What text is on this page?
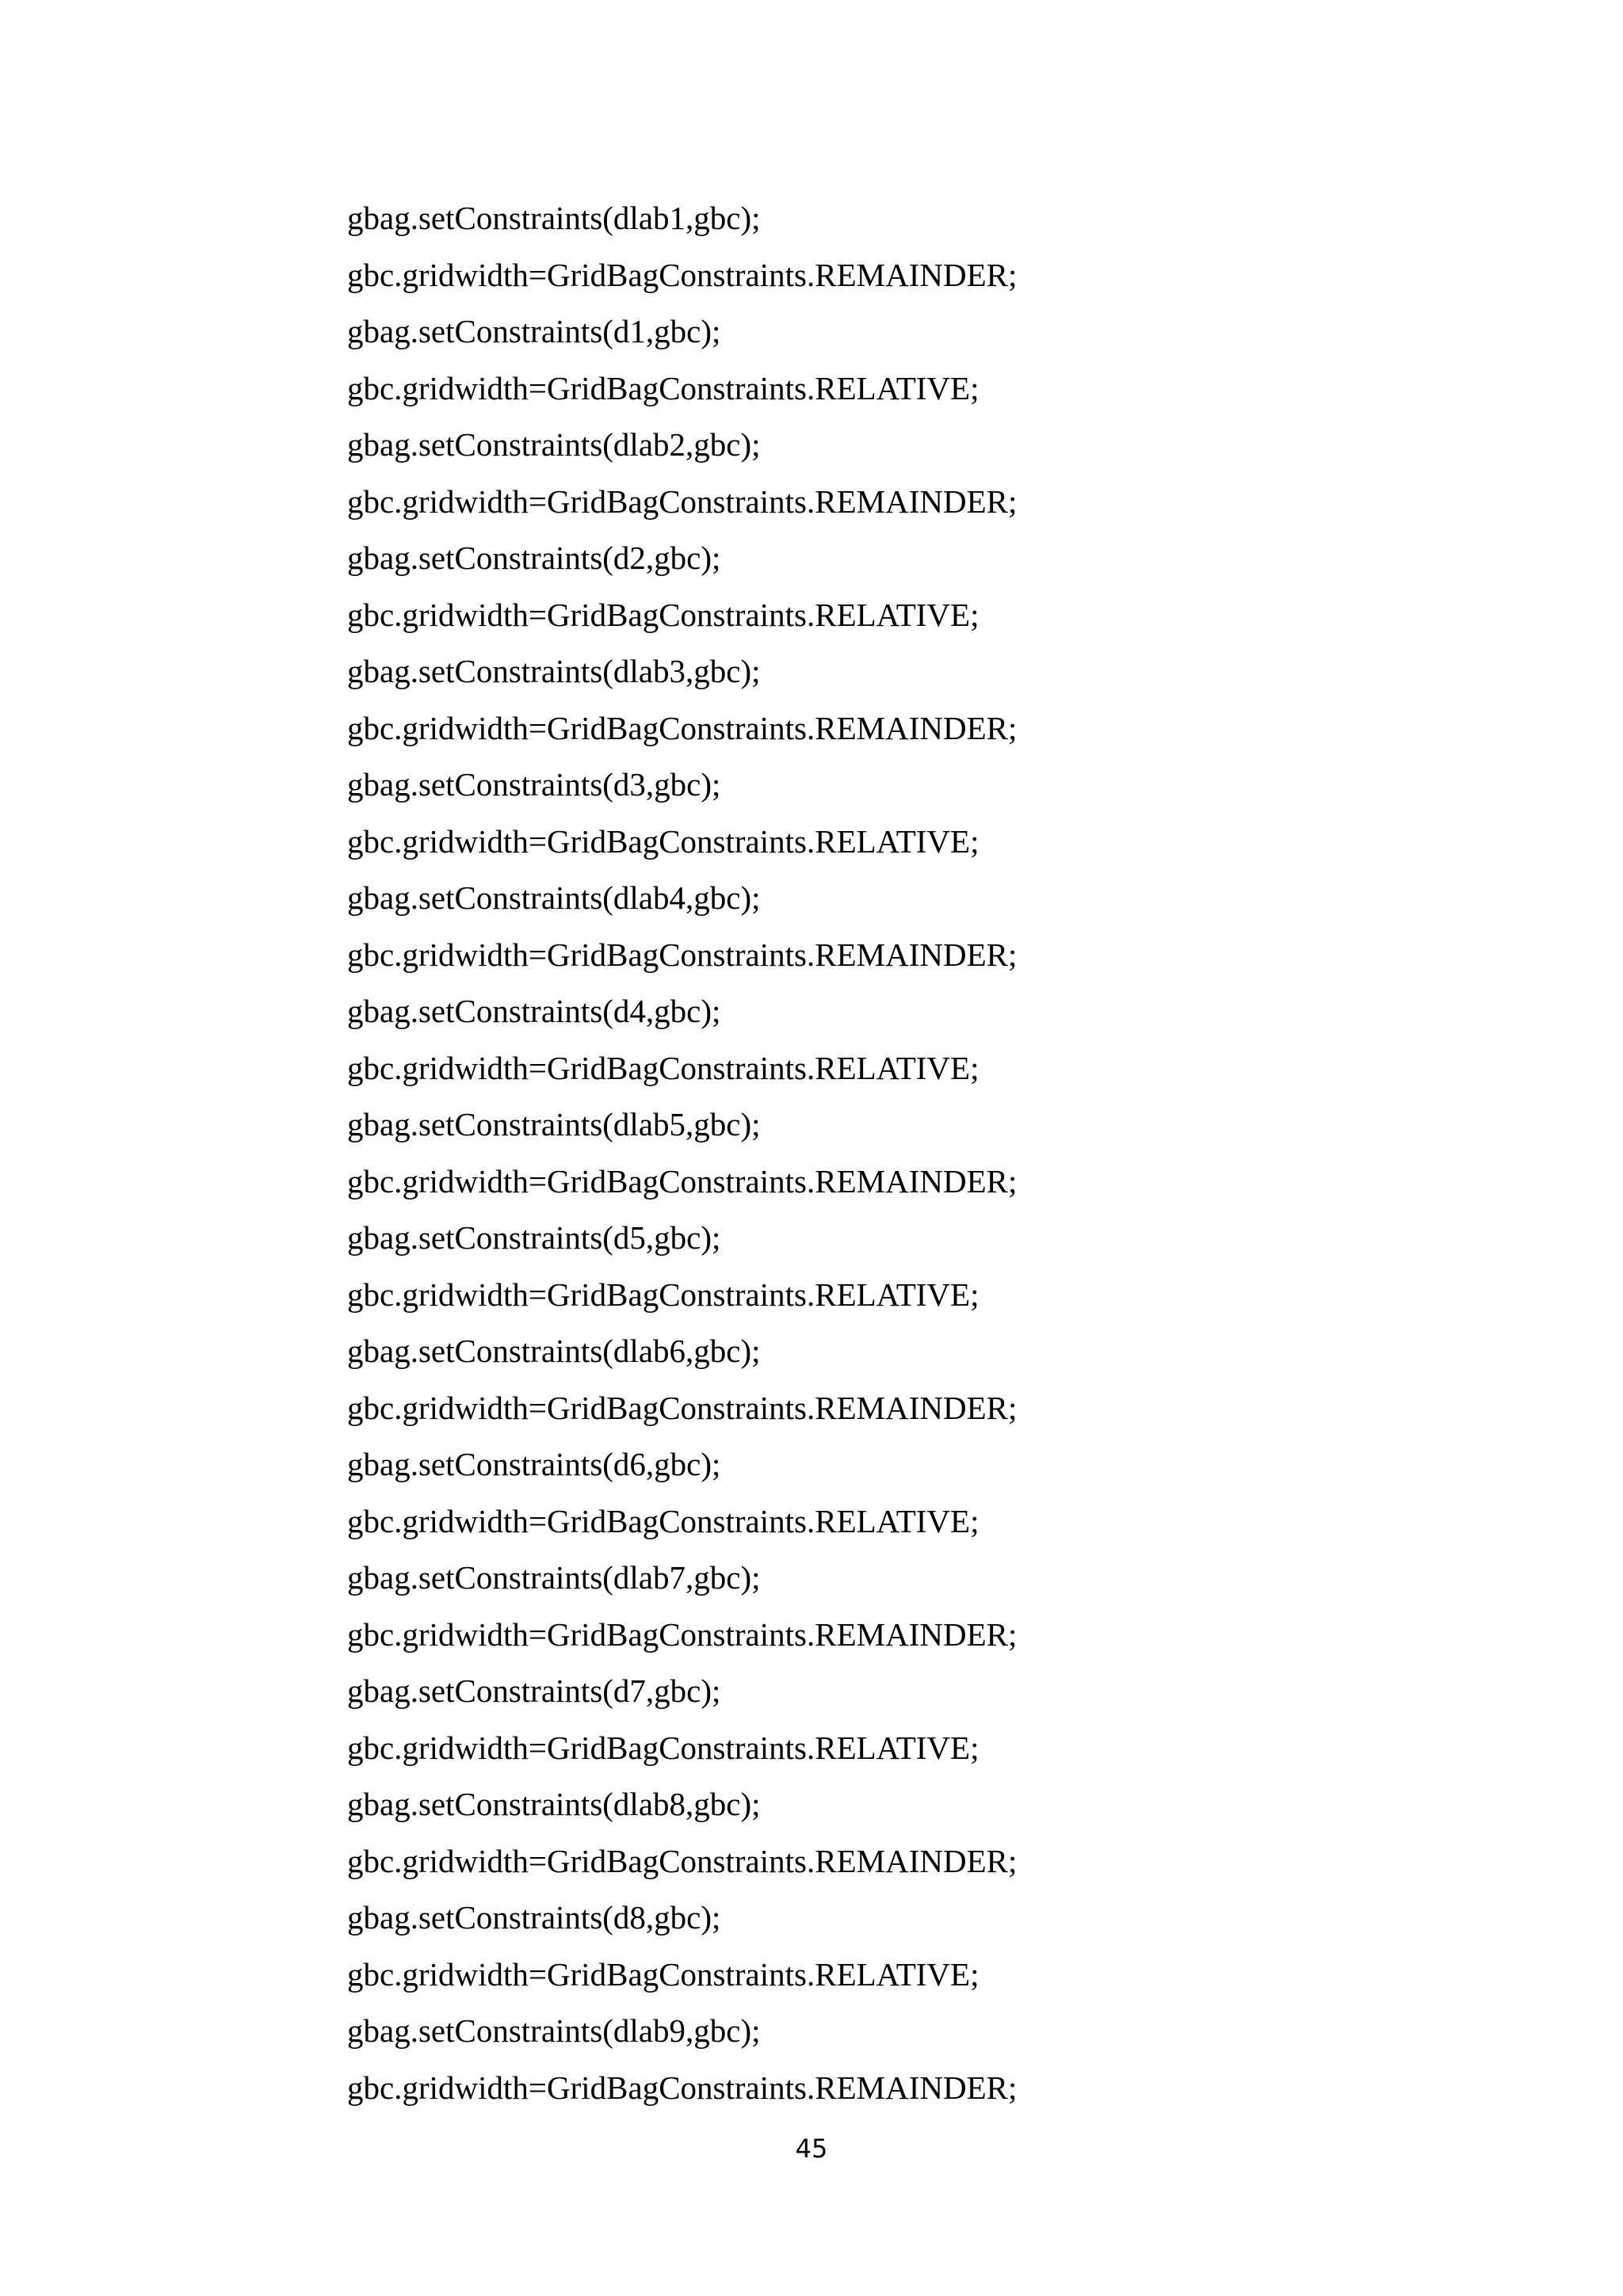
gbag.setConstraints(dlab1,gbc);
gbc.gridwidth=GridBagConstraints.REMAINDER;
gbag.setConstraints(d1,gbc);
gbc.gridwidth=GridBagConstraints.RELATIVE;
gbag.setConstraints(dlab2,gbc);
gbc.gridwidth=GridBagConstraints.REMAINDER;
gbag.setConstraints(d2,gbc);
gbc.gridwidth=GridBagConstraints.RELATIVE;
gbag.setConstraints(dlab3,gbc);
gbc.gridwidth=GridBagConstraints.REMAINDER;
gbag.setConstraints(d3,gbc);
gbc.gridwidth=GridBagConstraints.RELATIVE;
gbag.setConstraints(dlab4,gbc);
gbc.gridwidth=GridBagConstraints.REMAINDER;
gbag.setConstraints(d4,gbc);
gbc.gridwidth=GridBagConstraints.RELATIVE;
gbag.setConstraints(dlab5,gbc);
gbc.gridwidth=GridBagConstraints.REMAINDER;
gbag.setConstraints(d5,gbc);
gbc.gridwidth=GridBagConstraints.RELATIVE;
gbag.setConstraints(dlab6,gbc);
gbc.gridwidth=GridBagConstraints.REMAINDER;
gbag.setConstraints(d6,gbc);
gbc.gridwidth=GridBagConstraints.RELATIVE;
gbag.setConstraints(dlab7,gbc);
gbc.gridwidth=GridBagConstraints.REMAINDER;
gbag.setConstraints(d7,gbc);
gbc.gridwidth=GridBagConstraints.RELATIVE;
gbag.setConstraints(dlab8,gbc);
gbc.gridwidth=GridBagConstraints.REMAINDER;
gbag.setConstraints(d8,gbc);
gbc.gridwidth=GridBagConstraints.RELATIVE;
gbag.setConstraints(dlab9,gbc);
gbc.gridwidth=GridBagConstraints.REMAINDER;
45
